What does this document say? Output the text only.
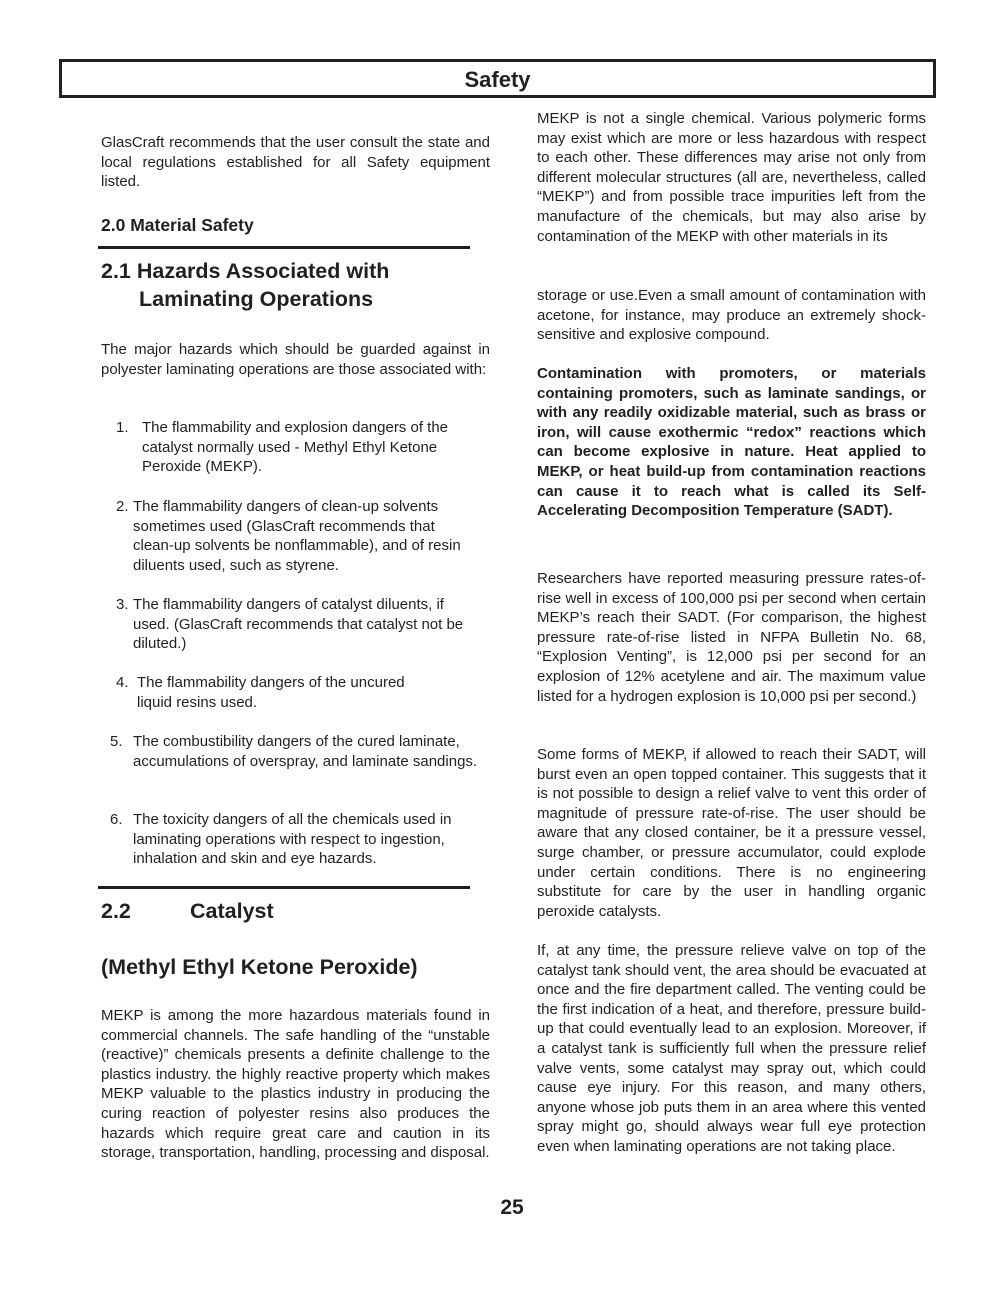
Safety

GlasCraft recommends that the user consult the state and local regulations established for all Safety equipment listed.

2.0 Material Safety
2.1 Hazards Associated with
Laminating Operations

The major hazards which should be guarded against in polyester laminating operations are those associated with:

1. The flammability and explosion dangers of the catalyst normally used - Methyl Ethyl Ketone Peroxide (MEKP).
2. The flammability dangers of clean-up solvents sometimes used (GlasCraft recommends that clean-up solvents be nonflammable), and of resin diluents used, such as styrene.
3. The flammability dangers of catalyst diluents, if used. (GlasCraft recommends that catalyst not be diluted.)
4. The flammability dangers of the uncured liquid resins used.
5. The combustibility dangers of the cured laminate, accumulations of overspray, and laminate sandings.
6. The toxicity dangers of all the chemicals used in laminating operations with respect to ingestion, inhalation and skin and eye hazards.
2.2	Catalyst
(Methyl Ethyl Ketone Peroxide)

MEKP is among the more hazardous materials found in commercial channels. The safe handling of the “unstable (reactive)” chemicals presents a definite challenge to the plastics industry. the highly reactive property which makes MEKP valuable to the plastics industry in producing the curing reaction of polyester resins also produces the hazards which require great care and caution in its storage, transportation, handling, processing and disposal.

MEKP is not a single chemical. Various polymeric forms may exist which are more or less hazardous with respect to each other. These differences may arise not only from different molecular structures (all are, nevertheless, called “MEKP”) and from possible trace impurities left from the manufacture of the chemicals, but may also arise by contamination of the MEKP with other materials in its

storage or use.Even a small amount of contamination with acetone, for instance, may produce an extremely shock-sensitive and explosive compound.

Contamination with promoters, or materials containing promoters, such as laminate sandings, or with any readily oxidizable material, such as brass or iron, will cause exothermic “redox” reactions which can become explosive in nature. Heat applied to MEKP, or heat build-up from contamination reactions can cause it to reach what is called its Self-Accelerating Decomposition Temperature (SADT).

Researchers have reported measuring pressure rates-of-rise well in excess of 100,000 psi per second when certain MEKP’s reach their SADT. (For comparison, the highest pressure rate-of-rise listed in NFPA Bulletin No. 68, “Explosion Venting”, is 12,000 psi per second for an explosion of 12% acetylene and air. The maximum value listed for a hydrogen explosion is 10,000 psi per second.)

Some forms of MEKP, if allowed to reach their SADT, will burst even an open topped container. This suggests that it is not possible to design a relief valve to vent this order of magnitude of pressure rate-of-rise. The user should be aware that any closed container, be it a pressure vessel, surge chamber, or pressure accumulator, could explode under certain conditions. There is no engineering substitute for care by the user in handling organic peroxide catalysts.

If, at any time, the pressure relieve valve on top of the catalyst tank should vent, the area should be evacuated at once and the fire department called. The venting could be the first indication of a heat, and therefore, pressure build-up that could eventually lead to an explosion. Moreover, if a catalyst tank is sufficiently full when the pressure relief valve vents, some catalyst may spray out, which could cause eye injury. For this reason, and many others, anyone whose job puts them in an area where this vented spray might go, should always wear full eye protection even when laminating operations are not taking place.

25
